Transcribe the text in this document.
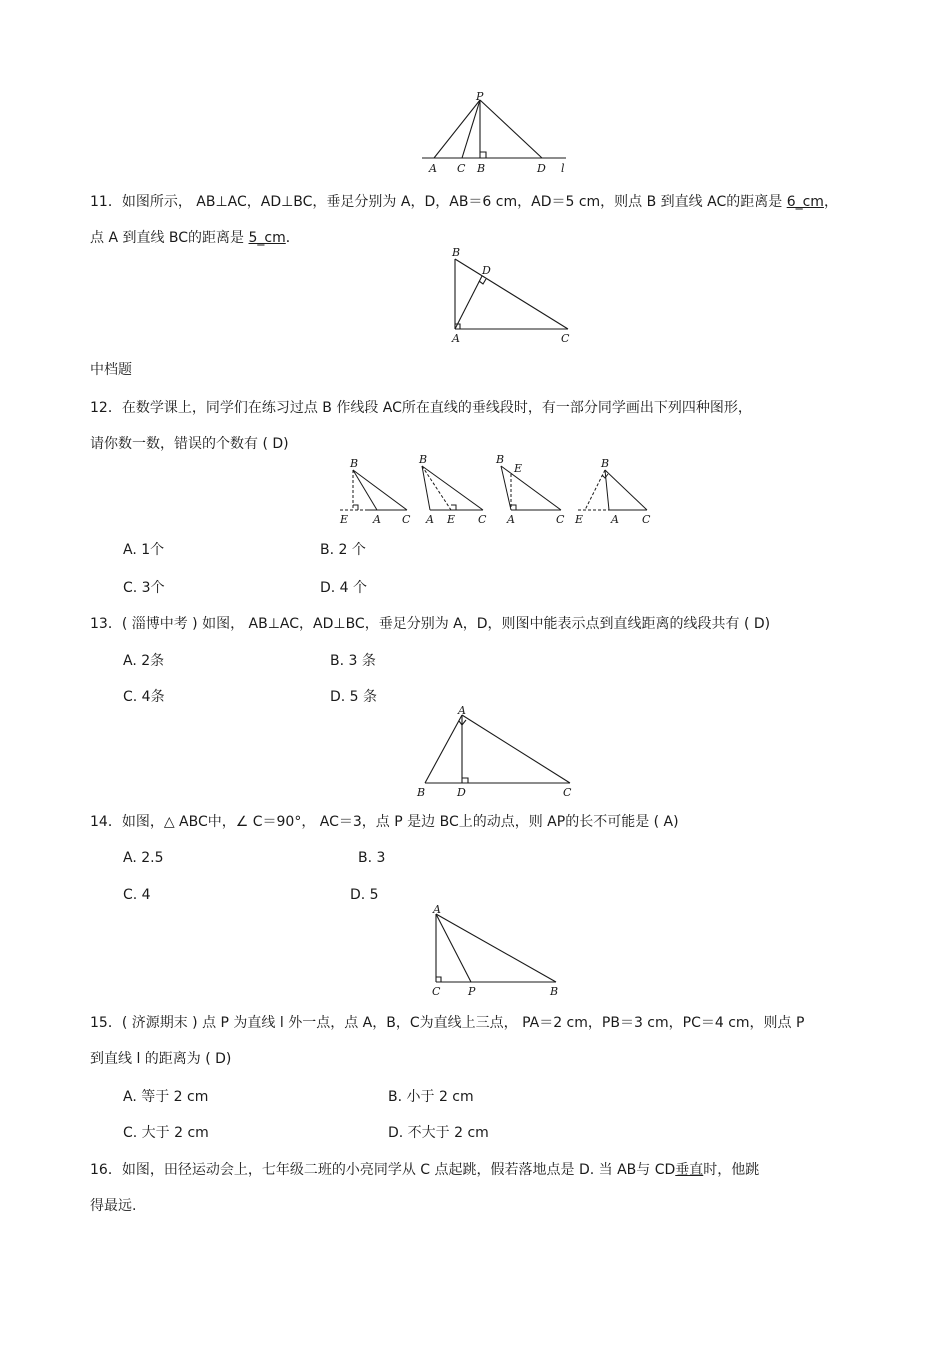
P
A C B	D l
11．如图所示， AB⊥AC，AD⊥BC，垂足分别为 A，D，AB＝6 cm，AD＝5 cm，则点 B 到直线 AC的距离是 6_cm，
点 A 到直线 BC的距离是 5_cm．
B
D
A	C
中档题
12．在数学课上，同学们在练习过点 B 作线段 AC所在直线的垂线段时，有一部分同学画出下列四种图形，
请你数一数，错误的个数有 ( D)
B
E A C
B
A E C
B
E
A	C
B
E	A C
A. 1个	B. 2 个
C. 3个	D. 4 个
13．( 淄博中考 ) 如图， AB⊥AC，AD⊥BC，垂足分别为 A，D，则图中能表示点到直线距离的线段共有 ( D)
A. 2条	B. 3 条
C. 4条	D. 5 条
A
B	D	C
14．如图，△ ABC中，∠ C＝90°， AC＝3，点 P 是边 BC上的动点，则 AP的长不可能是 ( A)
A. 2.5	B. 3
C. 4	D. 5
A
C	P	B
15．( 济源期末 ) 点 P 为直线 l 外一点，点 A，B，C为直线上三点， PA＝2 cm，PB＝3 cm，PC＝4 cm，则点 P
到直线 l 的距离为 ( D)
A. 等于 2 cm	B. 小于 2 cm
C. 大于 2 cm	D. 不大于 2 cm
16．如图，田径运动会上，七年级二班的小亮同学从 C 点起跳，假若落地点是 D. 当 AB与 CD垂直时，他跳
得最远.
